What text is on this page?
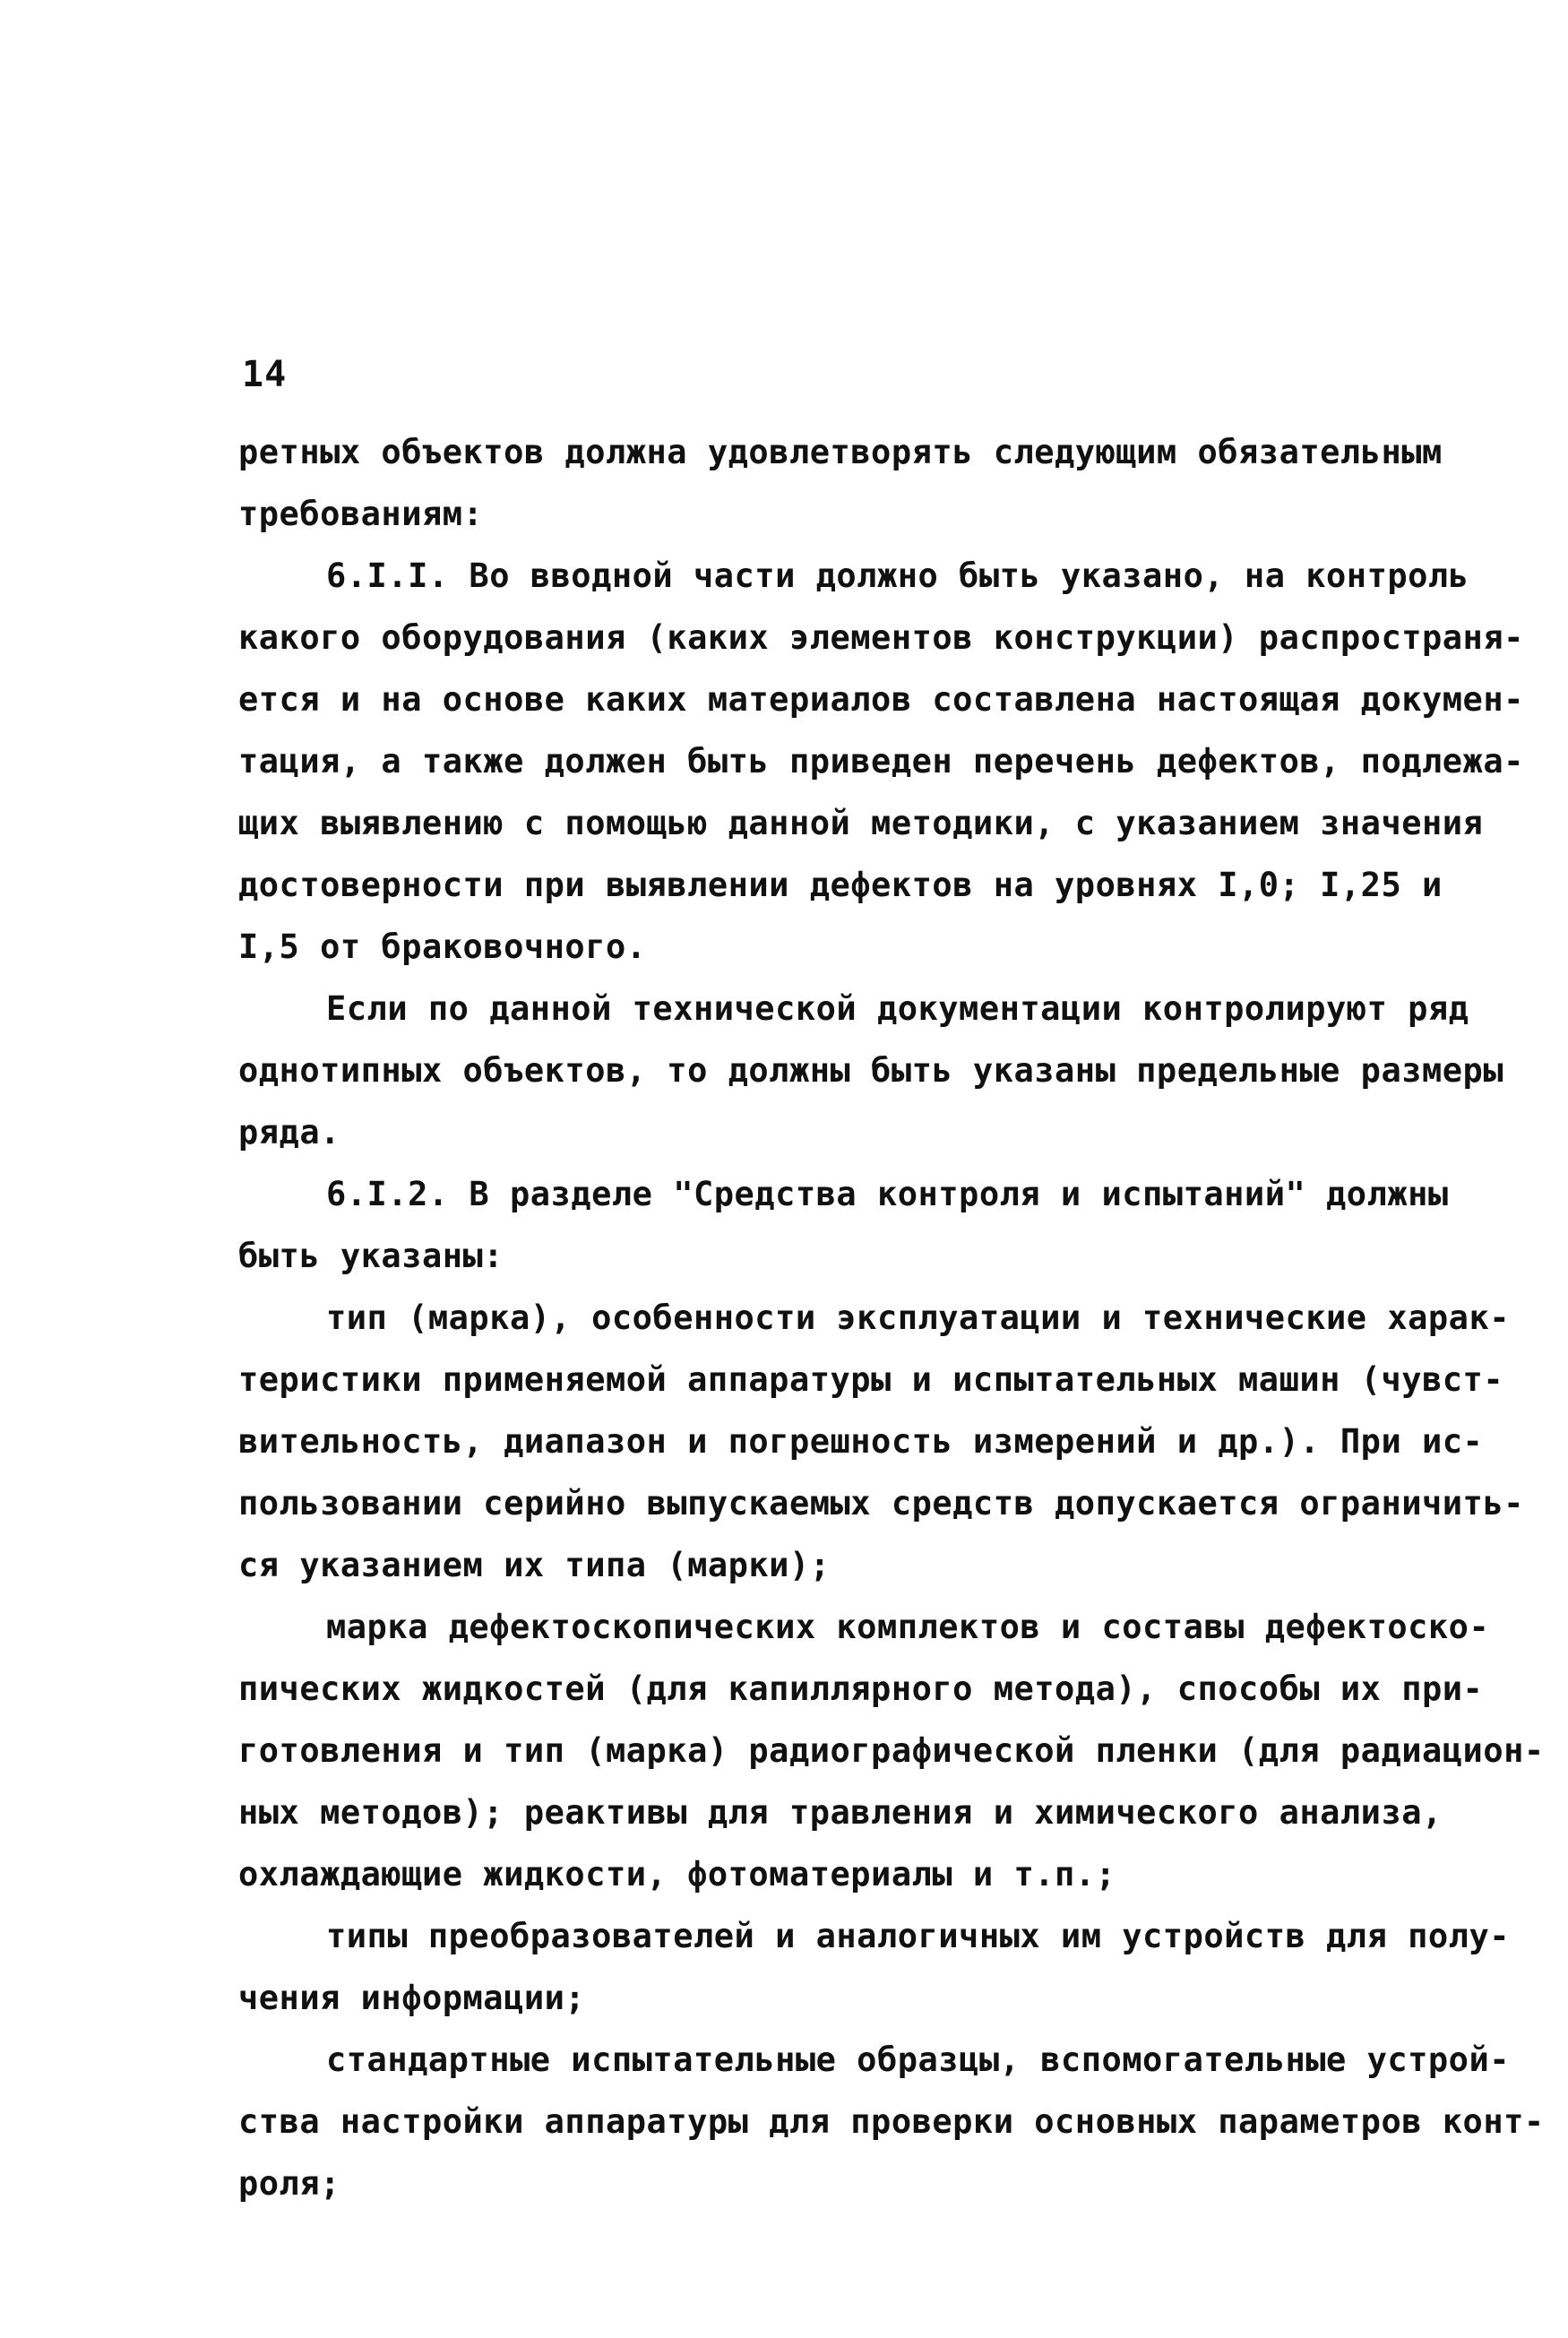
14
ретных объектов должна удовлетворять следующим обязательным
требованиям:
6.I.I. Во вводной части должно быть указано, на контроль
какого оборудования (каких элементов конструкции) распространя-
ется и на основе каких материалов составлена настоящая докумен-
тация, а также должен быть приведен перечень дефектов, подлежа-
щих выявлению с помощью данной методики, с указанием значения
достоверности при выявлении дефектов на уровнях I,0; I,25 и
I,5 от браковочного.
Если по данной технической документации контролируют ряд
однотипных объектов, то должны быть указаны предельные размеры
ряда.
6.I.2. В разделе "Средства контроля и испытаний" должны
быть указаны:
тип (марка), особенности эксплуатации и технические харак-
теристики применяемой аппаратуры и испытательных машин (чувст-
вительность, диапазон и погрешность измерений и др.). При ис-
пользовании серийно выпускаемых средств допускается ограничить-
ся указанием их типа (марки);
марка дефектоскопических комплектов и составы дефектоско-
пических жидкостей (для капиллярного метода), способы их при-
готовления и тип (марка) радиографической пленки (для радиацион-
ных методов); реактивы для травления и химического анализа,
охлаждающие жидкости, фотоматериалы и т.п.;
типы преобразователей и аналогичных им устройств для полу-
чения информации;
стандартные испытательные образцы, вспомогательные устрой-
ства настройки аппаратуры для проверки основных параметров конт-
роля;
